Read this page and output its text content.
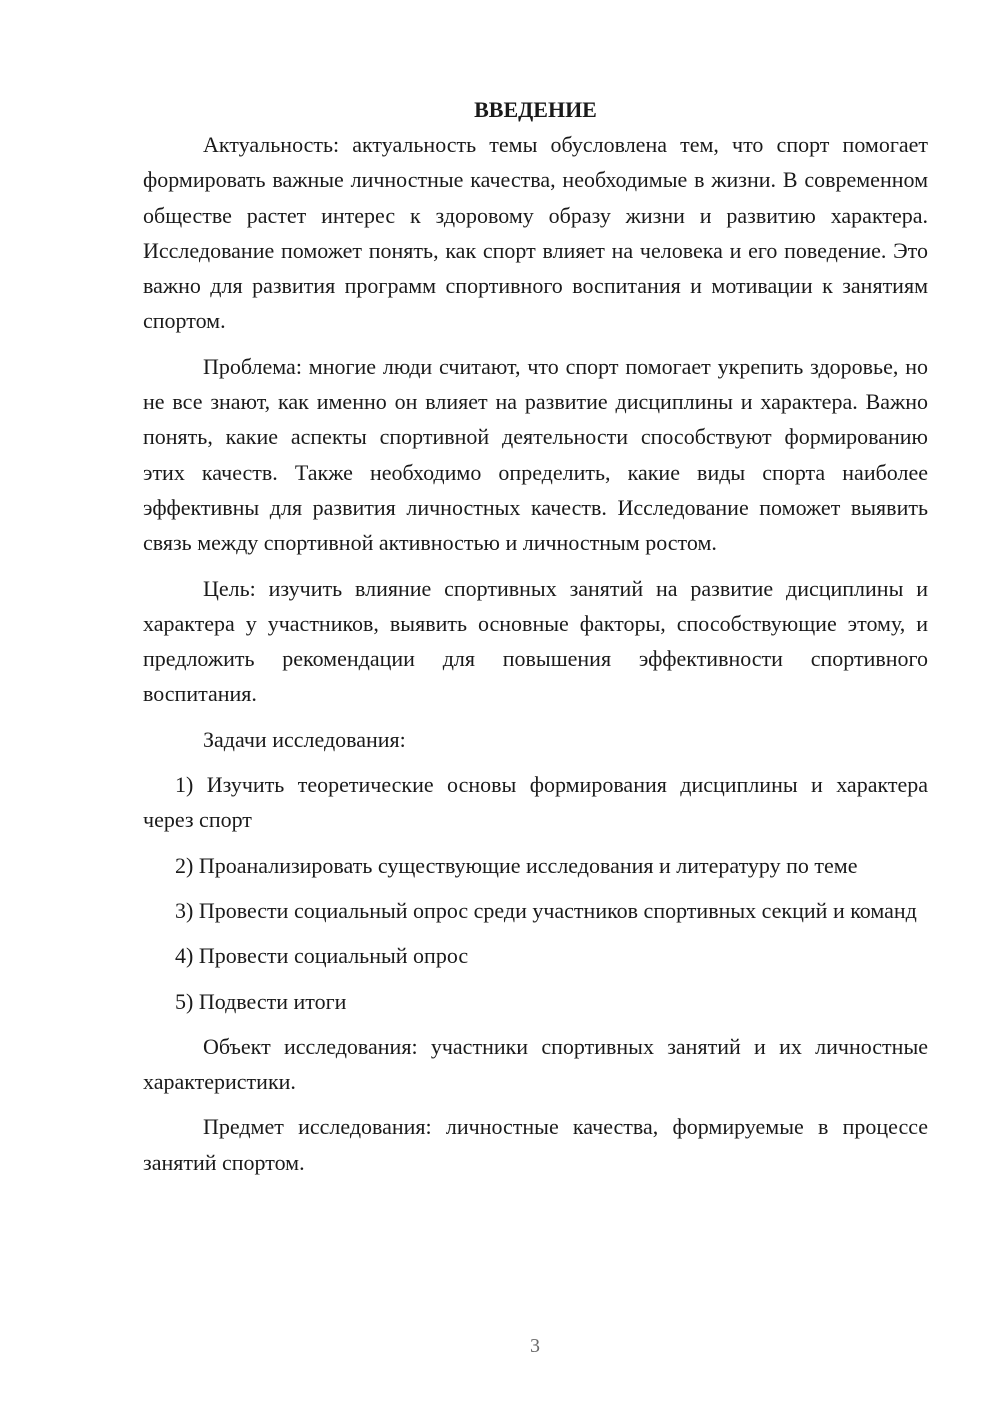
ВВЕДЕНИЕ

Актуальность: актуальность темы обусловлена тем, что спорт помогает формировать важные личностные качества, необходимые в жизни. В современном обществе растет интерес к здоровому образу жизни и развитию характера. Исследование поможет понять, как спорт влияет на человека и его поведение. Это важно для развития программ спортивного воспитания и мотивации к занятиям спортом.

Проблема: многие люди считают, что спорт помогает укрепить здоровье, но не все знают, как именно он влияет на развитие дисциплины и характера. Важно понять, какие аспекты спортивной деятельности способствуют формированию этих качеств. Также необходимо определить, какие виды спорта наиболее эффективны для развития личностных качеств. Исследование поможет выявить связь между спортивной активностью и личностным ростом.

Цель: изучить влияние спортивных занятий на развитие дисциплины и характера у участников, выявить основные факторы, способствующие этому, и предложить рекомендации для повышения эффективности спортивного воспитания.

Задачи исследования:

1) Изучить теоретические основы формирования дисциплины и характера через спорт

2) Проанализировать существующие исследования и литературу по теме

3) Провести социальный опрос среди участников спортивных секций и команд

4) Провести социальный опрос

5) Подвести итоги

Объект исследования: участники спортивных занятий и их личностные характеристики.

Предмет исследования: личностные качества, формируемые в процессе занятий спортом.

3
